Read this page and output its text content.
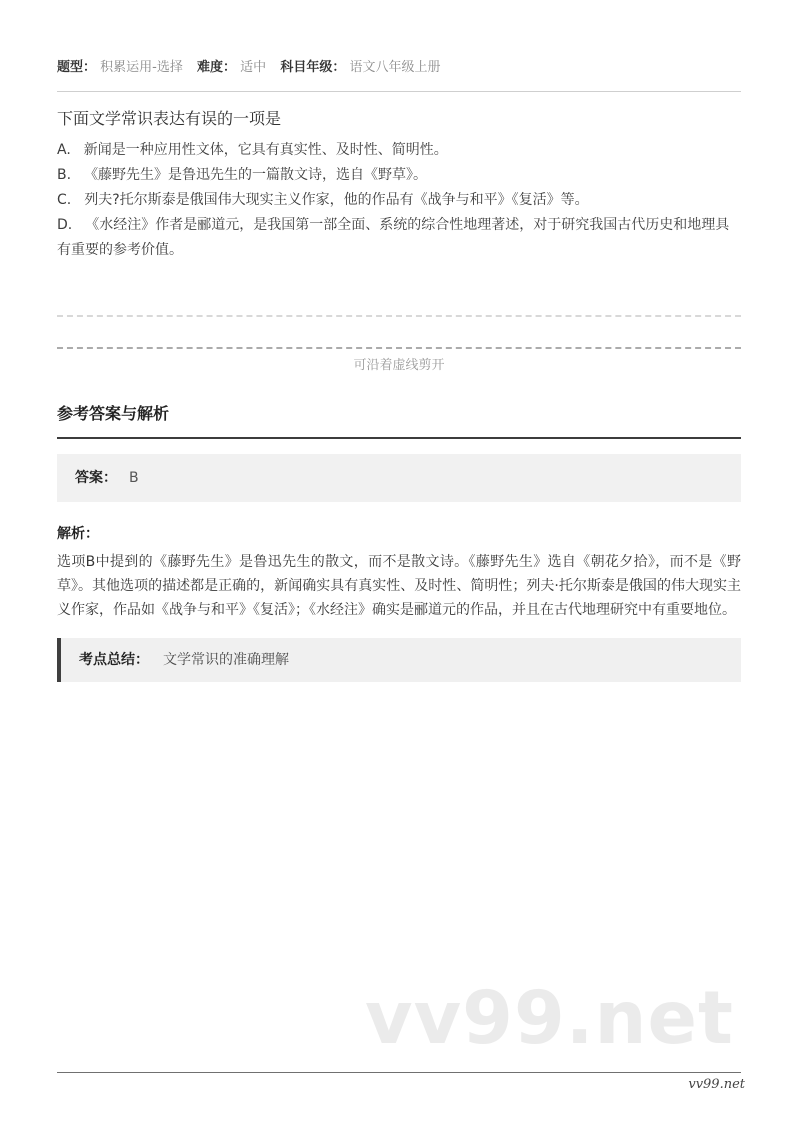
题型： 积累运用-选择 难度： 适中 科目年级： 语文八年级上册
下面文学常识表达有误的一项是
A. 新闻是一种应用性文体，它具有真实性、及时性、简明性。
B. 《藤野先生》是鲁迅先生的一篇散文诗，选自《野草》。
C. 列夫?托尔斯泰是俄国伟大现实主义作家，他的作品有《战争与和平》《复活》等。
D. 《水经注》作者是郦道元，是我国第一部全面、系统的综合性地理著述，对于研究我国古代历史和地理具有重要的参考价值。
可沿着虚线剪开
参考答案与解析
答案： B
解析：
选项B中提到的《藤野先生》是鲁迅先生的散文，而不是散文诗。《藤野先生》选自《朝花夕拾》，而不是《野草》。其他选项的描述都是正确的，新闻确实具有真实性、及时性、简明性；列夫·托尔斯泰是俄国的伟大现实主义作家，作品如《战争与和平》《复活》；《水经注》确实是郦道元的作品，并且在古代地理研究中有重要地位。
考点总结： 文学常识的准确理解
vv99.net
vv99.net
